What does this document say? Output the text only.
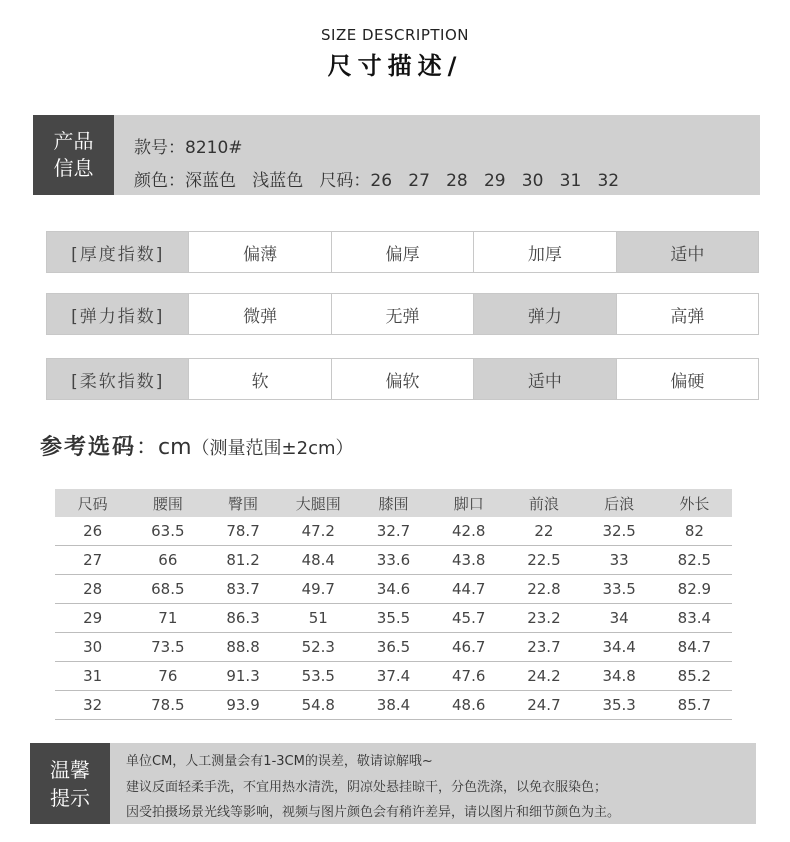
SIZE DESCRIPTION
尺寸描述/
产品
信息
款号：8210#
颜色：深蓝色   浅蓝色   尺码：26   27   28   29   30   31   32
[厚度指数]	偏薄	偏厚	加厚	适中
[弹力指数]	微弹	无弹	弹力	高弹
[柔软指数]	软	偏软	适中	偏硬
参考选码：cm（测量范围±2cm）
尺码	腰围	臀围	大腿围	膝围	脚口	前浪	后浪	外长
26	63.5	78.7	47.2	32.7	42.8	22	32.5	82
27	66	81.2	48.4	33.6	43.8	22.5	33	82.5
28	68.5	83.7	49.7	34.6	44.7	22.8	33.5	82.9
29	71	86.3	51	35.5	45.7	23.2	34	83.4
30	73.5	88.8	52.3	36.5	46.7	23.7	34.4	84.7
31	76	91.3	53.5	37.4	47.6	24.2	34.8	85.2
32	78.5	93.9	54.8	38.4	48.6	24.7	35.3	85.7
温馨
提示
单位CM，人工测量会有1-3CM的误差，敬请谅解哦~
建议反面轻柔手洗，不宜用热水清洗，阴凉处悬挂晾干，分色洗涤，以免衣服染色；
因受拍摄场景光线等影响，视频与图片颜色会有稍许差异，请以图片和细节颜色为主。
